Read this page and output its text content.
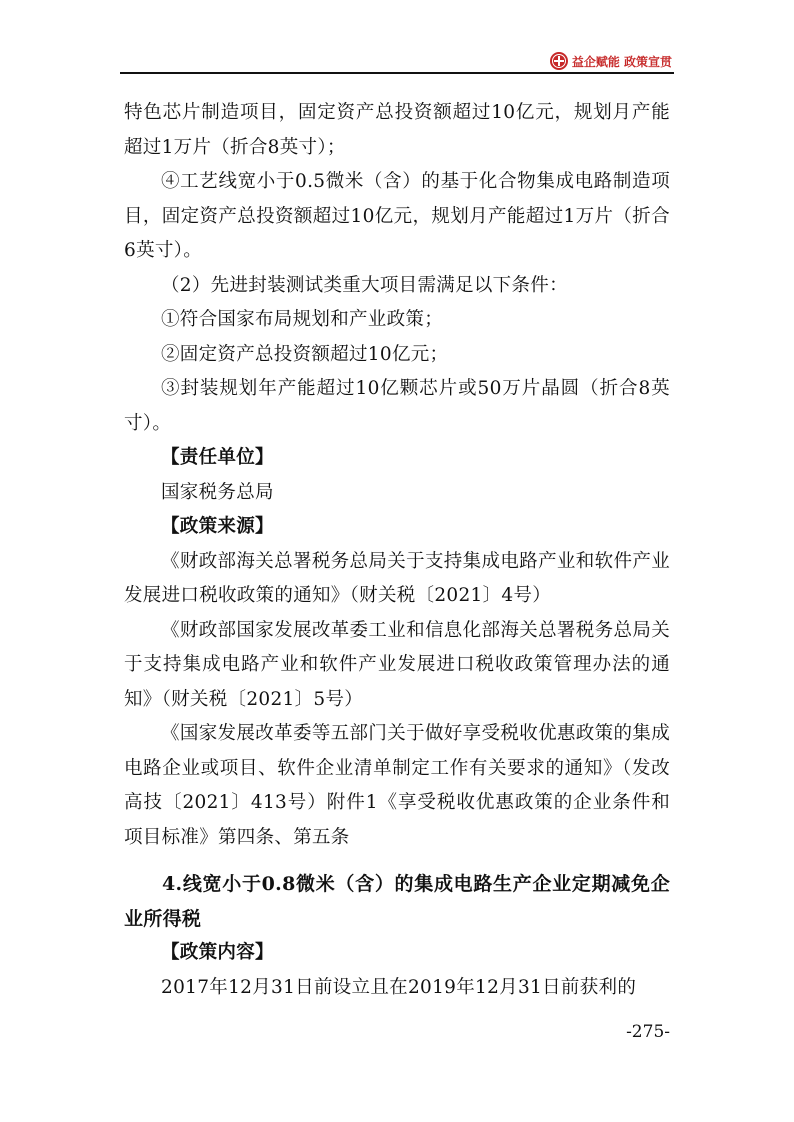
益企赋能 政策宣贯

特色芯片制造项目，固定资产总投资额超过10亿元，规划月产能超过1万片（折合8英寸）；

④工艺线宽小于0.5微米（含）的基于化合物集成电路制造项目，固定资产总投资额超过10亿元，规划月产能超过1万片（折合6英寸）。

（2）先进封装测试类重大项目需满足以下条件：

①符合国家布局规划和产业政策；

②固定资产总投资额超过10亿元；

③封装规划年产能超过10亿颗芯片或50万片晶圆（折合8英寸）。

【责任单位】

国家税务总局

【政策来源】

《财政部海关总署税务总局关于支持集成电路产业和软件产业发展进口税收政策的通知》（财关税〔2021〕4号）

《财政部国家发展改革委工业和信息化部海关总署税务总局关于支持集成电路产业和软件产业发展进口税收政策管理办法的通知》（财关税〔2021〕5号）

《国家发展改革委等五部门关于做好享受税收优惠政策的集成电路企业或项目、软件企业清单制定工作有关要求的通知》（发改高技〔2021〕413号）附件1《享受税收优惠政策的企业条件和项目标准》第四条、第五条

4.线宽小于0.8微米（含）的集成电路生产企业定期减免企业所得税

【政策内容】

2017年12月31日前设立且在2019年12月31日前获利的

-275-
